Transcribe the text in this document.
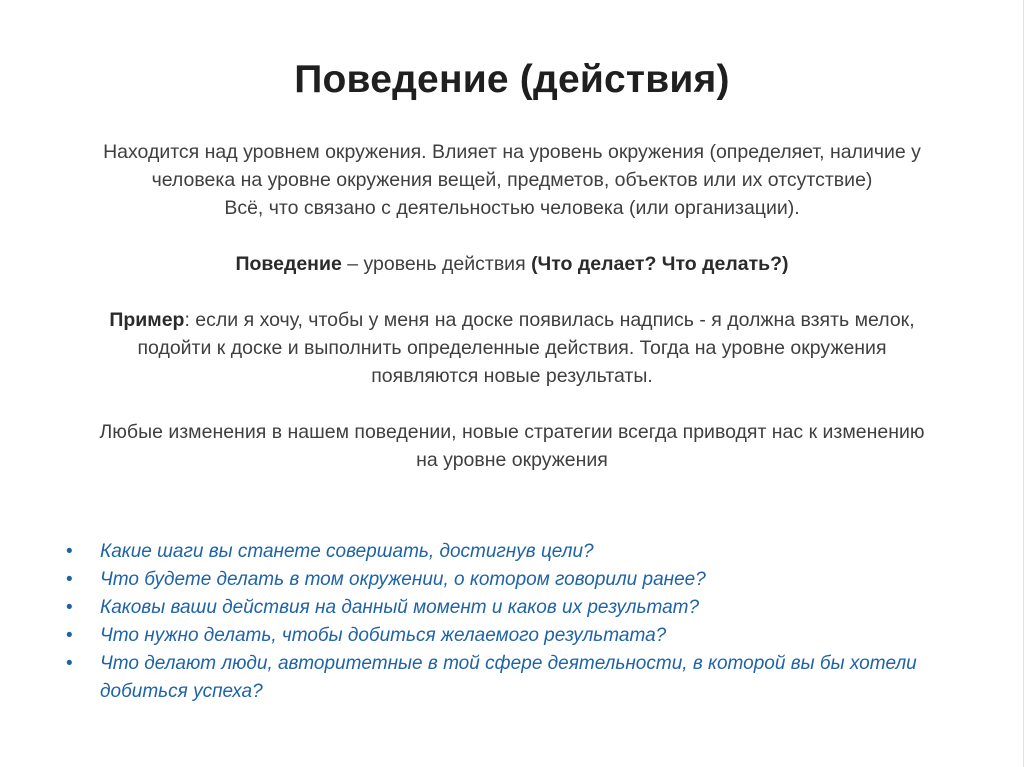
Поведение (действия)

Находится над уровнем окружения. Влияет на уровень окружения (определяет, наличие у
человека на уровне окружения вещей, предметов, объектов или их отсутствие)
Всё, что связано с деятельностью человека (или организации).

Поведение – уровень действия (Что делает? Что делать?)

Пример: если я хочу, чтобы у меня на доске появилась надпись - я должна взять мелок,
подойти к доске и выполнить определенные действия. Тогда на уровне окружения
появляются новые результаты.

Любые изменения в нашем поведении, новые стратегии всегда приводят нас к изменению
на уровне окружения

• Какие шаги вы станете совершать, достигнув цели?
• Что будете делать в том окружении, о котором говорили ранее?
• Каковы ваши действия на данный момент и каков их результат?
• Что нужно делать, чтобы добиться желаемого результата?
• Что делают люди, авторитетные в той сфере деятельности, в которой вы бы хотели добиться успеха?
